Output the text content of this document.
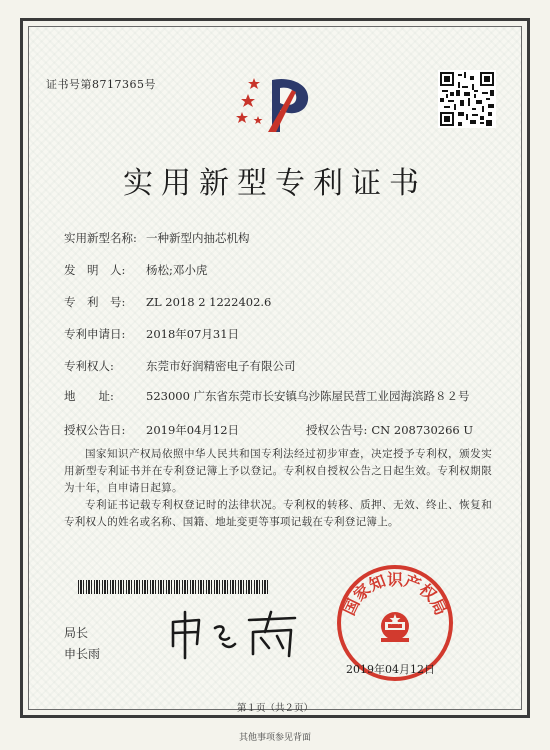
证书号第8717365号
实用新型专利证书
实用新型名称: 一种新型内抽芯机构
发　明　人: 杨松;邓小虎
专　利　号: ZL 2018 2 1222402.6
专利申请日: 2018年07月31日
专利权人:	东莞市好润精密电子有限公司
地　　址:	523000 广东省东莞市长安镇乌沙陈屋民营工业园海滨路８２号
授权公告日: 2019年04月12日	授权公告号: CN 208730266 U
国家知识产权局依照中华人民共和国专利法经过初步审查，决定授予专利权，颁发实用新型专利证书并在专利登记簿上予以登记。专利权自授权公告之日起生效。专利权期限为十年，自申请日起算。
专利证书记载专利权登记时的法律状况。专利权的转移、质押、无效、终止、恢复和专利权人的姓名或名称、国籍、地址变更等事项记载在专利登记簿上。
局长
申长雨
国家知识产权局
2019年04月12日
第１页（共２页）
其他事项参见背面
